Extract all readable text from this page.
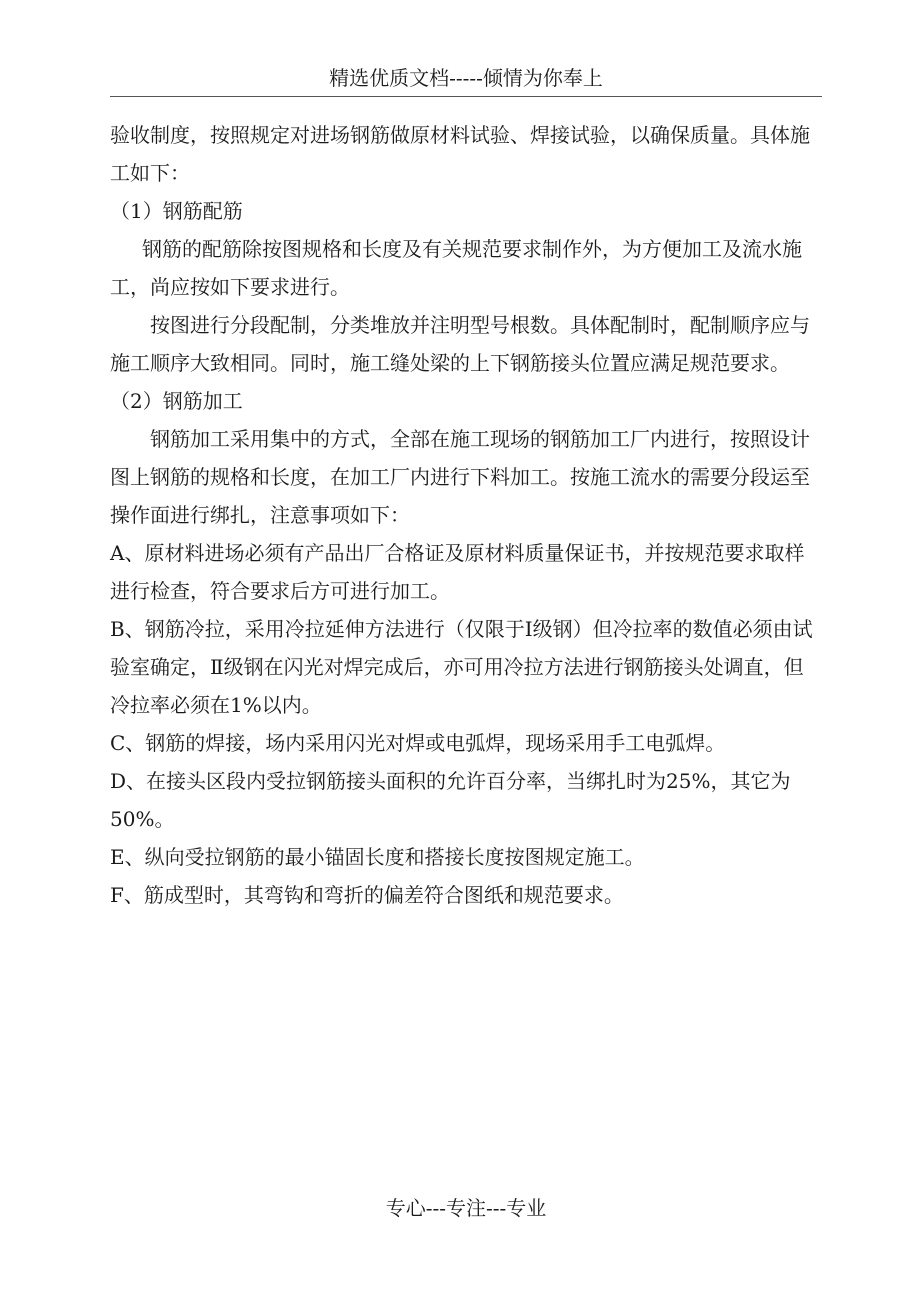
精选优质文档-----倾情为你奉上

验收制度，按照规定对进场钢筋做原材料试验、焊接试验，以确保质量。具体施工如下：

（1）钢筋配筋

钢筋的配筋除按图规格和长度及有关规范要求制作外，为方便加工及流水施工，尚应按如下要求进行。

按图进行分段配制，分类堆放并注明型号根数。具体配制时，配制顺序应与施工顺序大致相同。同时，施工缝处梁的上下钢筋接头位置应满足规范要求。

（2）钢筋加工

钢筋加工采用集中的方式，全部在施工现场的钢筋加工厂内进行，按照设计图上钢筋的规格和长度，在加工厂内进行下料加工。按施工流水的需要分段运至操作面进行绑扎，注意事项如下：

A、原材料进场必须有产品出厂合格证及原材料质量保证书，并按规范要求取样进行检查，符合要求后方可进行加工。

B、钢筋冷拉，采用冷拉延伸方法进行（仅限于Ⅰ级钢）但冷拉率的数值必须由试验室确定，Ⅱ级钢在闪光对焊完成后，亦可用冷拉方法进行钢筋接头处调直，但冷拉率必须在1%以内。

C、钢筋的焊接，场内采用闪光对焊或电弧焊，现场采用手工电弧焊。

D、在接头区段内受拉钢筋接头面积的允许百分率，当绑扎时为25%，其它为50%。

E、纵向受拉钢筋的最小锚固长度和搭接长度按图规定施工。

F、筋成型时，其弯钩和弯折的偏差符合图纸和规范要求。

专心---专注---专业
